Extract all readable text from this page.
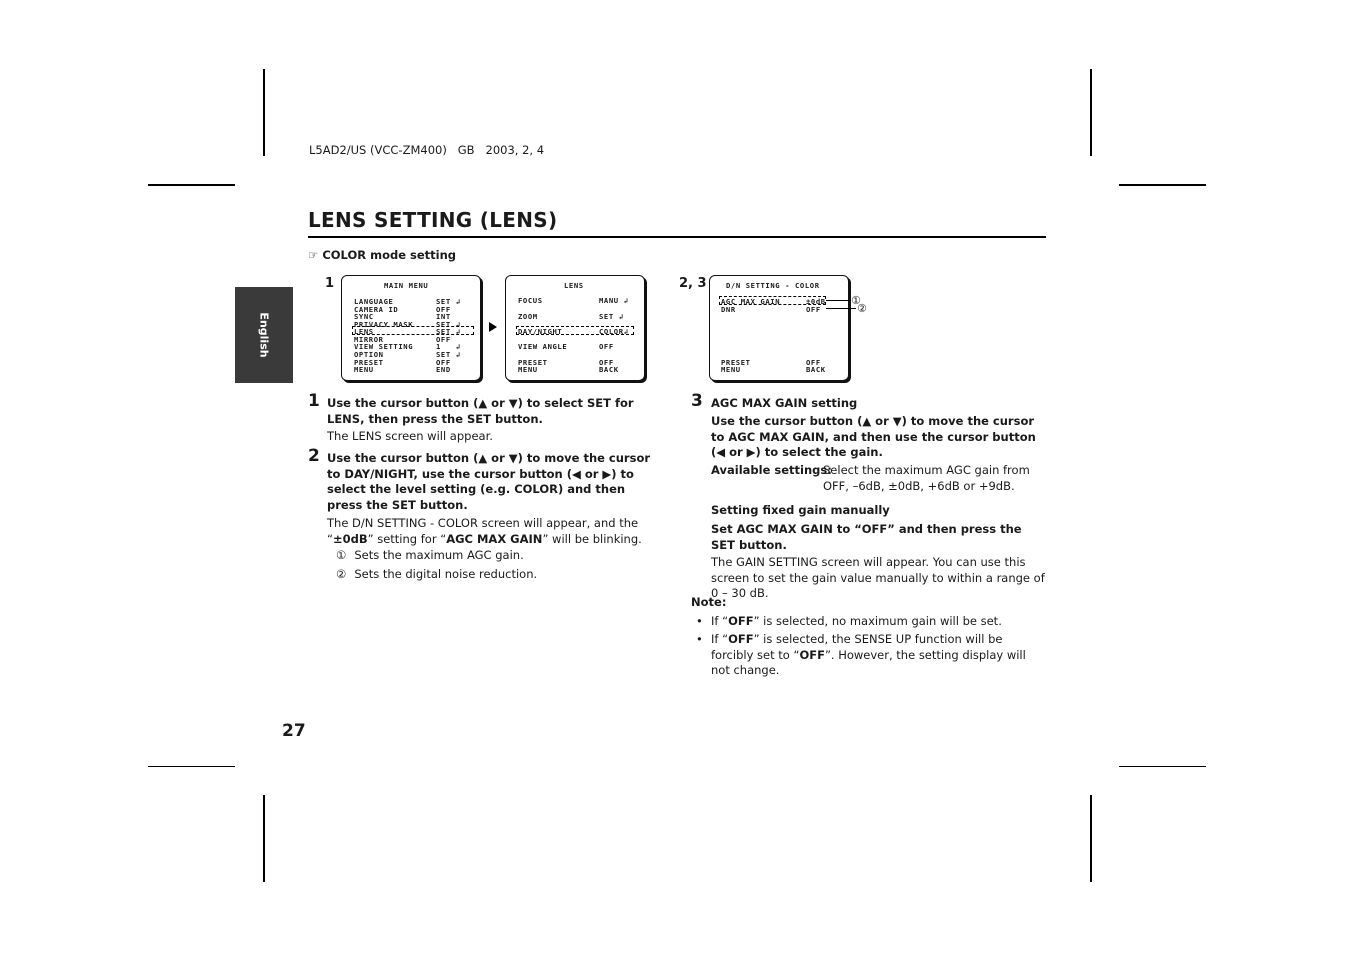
L5AD2/US (VCC-ZM400)   GB   2003, 2, 4
English
LENS SETTING (LENS)
☞ COLOR mode setting
1	2, 3
MAIN MENU
LANGUAGE	SET ↲
CAMERA ID	OFF
SYNC	INT
PRIVACY MASK	SET ↲
LENS	SET ↲
MIRROR	OFF
VIEW SETTING	1   ↲
OPTION	SET ↲
PRESET	OFF
MENU	END
LENS
FOCUS	MANU ↲
ZOOM	SET ↲
DAY/NIGHT	COLOR↲
VIEW ANGLE	OFF
PRESET	OFF
MENU	BACK
D/N SETTING - COLOR
AGC MAX GAIN	±0dB
DNR	OFF
PRESET	OFF
MENU	BACK
①
②
1 Use the cursor button (▲ or ▼) to select SET for LENS, then press the SET button.
The LENS screen will appear.
2 Use the cursor button (▲ or ▼) to move the cursor to DAY/NIGHT, use the cursor button (◀ or ▶) to select the level setting (e.g. COLOR) and then press the SET button.
The D/N SETTING - COLOR screen will appear, and the “±0dB” setting for “AGC MAX GAIN” will be blinking.
① Sets the maximum AGC gain.
② Sets the digital noise reduction.
3 AGC MAX GAIN setting
Use the cursor button (▲ or ▼) to move the cursor to AGC MAX GAIN, and then use the cursor button (◀ or ▶) to select the gain.
Available settings:
Select the maximum AGC gain from OFF, –6dB, ±0dB, +6dB or +9dB.
Setting fixed gain manually
Set AGC MAX GAIN to “OFF” and then press the SET button.
The GAIN SETTING screen will appear. You can use this screen to set the gain value manually to within a range of 0 – 30 dB.
Note:
• If “OFF” is selected, no maximum gain will be set.
• If “OFF” is selected, the SENSE UP function will be forcibly set to “OFF”. However, the setting display will not change.
27
